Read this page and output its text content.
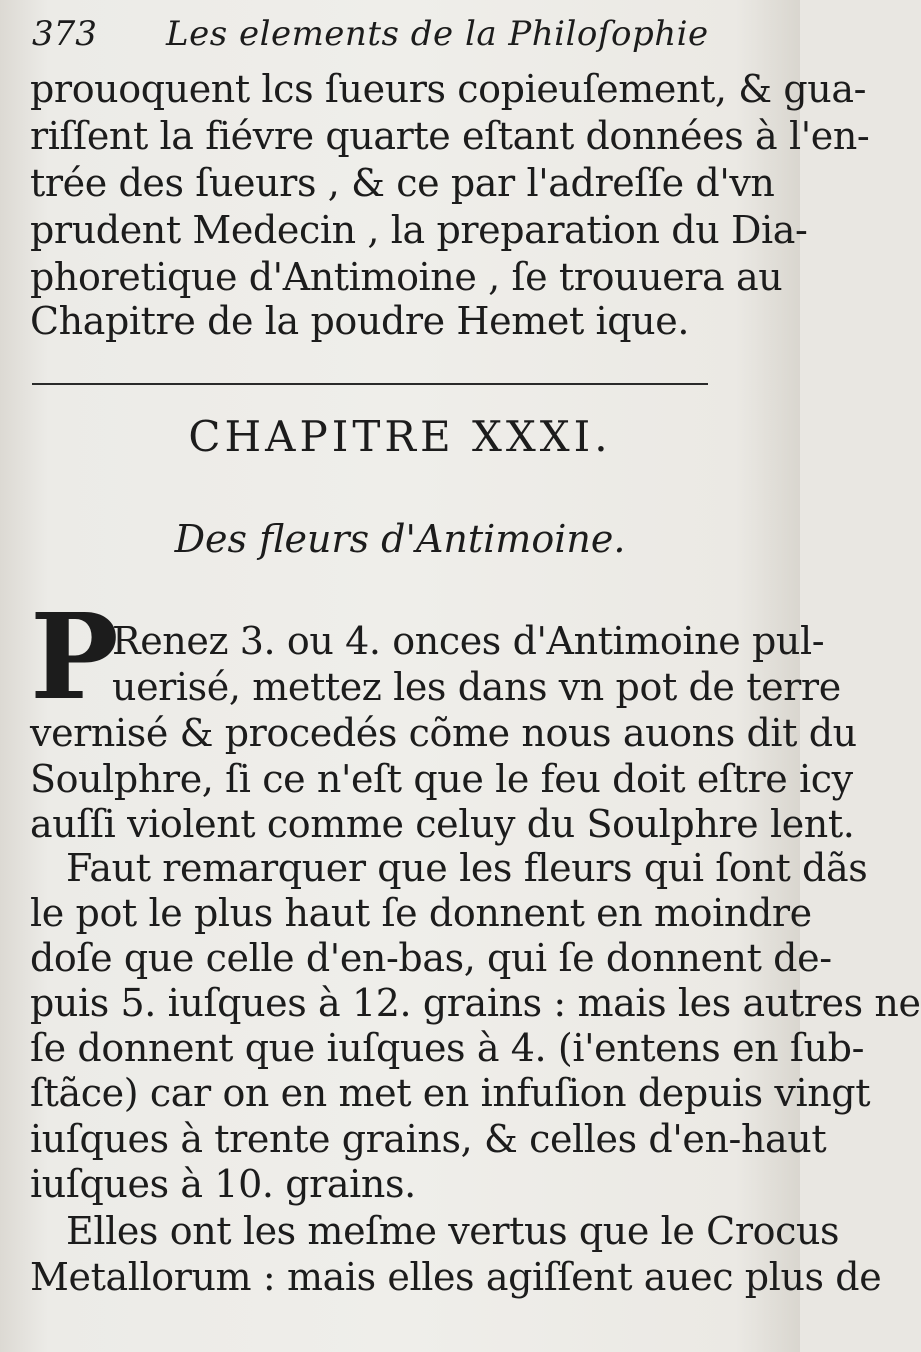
373 Les elements de la Philoſophie
prouoquent lcs ſueurs copieuſement, & gua-
riſſent la fiévre quarte eſtant données à l'en-
trée des ſueurs , & ce par l'adreſſe d'vn
prudent Medecin , la preparation du Dia-
phoretique d'Antimoine , ſe trouuera au
Chapitre de la poudre Hemet ique.
CHAPITRE XXXI.
Des fleurs d'Antimoine.
P
Renez 3. ou 4. onces d'Antimoine pul-
uerisé, mettez les dans vn pot de terre
vernisé & procedés cõme nous auons dit du
Soulphre, ſi ce n'eſt que le feu doit eſtre icy
auſſi violent comme celuy du Soulphre lent.
Faut remarquer que les fleurs qui ſont dãs
le pot le plus haut ſe donnent en moindre
doſe que celle d'en-bas, qui ſe donnent de-
puis 5. iuſques à 12. grains : mais les autres ne
ſe donnent que iuſques à 4. (i'entens en ſub-
ſtãce) car on en met en infuſion depuis vingt
iuſques à trente grains, & celles d'en-haut
iuſques à 10. grains.
Elles ont les meſme vertus que le Crocus
Metallorum : mais elles agiſſent auec plus de
